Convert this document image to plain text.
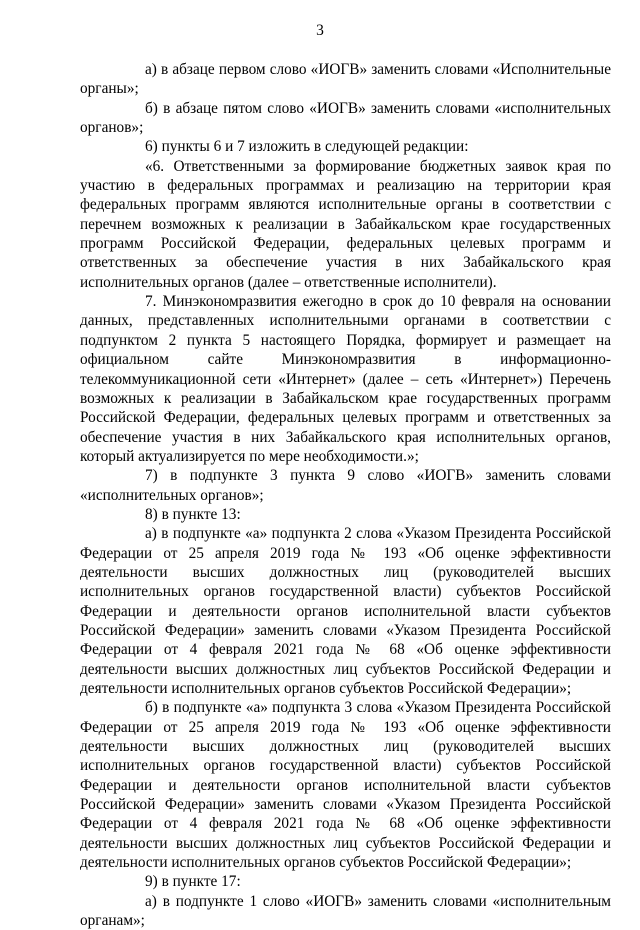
3

а) в абзаце первом слово «ИОГВ» заменить словами «Исполнительные органы»;

б) в абзаце пятом слово «ИОГВ» заменить словами «исполнительных органов»;

6) пункты 6 и 7 изложить в следующей редакции:

«6. Ответственными за формирование бюджетных заявок края по участию в федеральных программах и реализацию на территории края федеральных программ являются исполнительные органы в соответствии с перечнем возможных к реализации в Забайкальском крае государственных программ Российской Федерации, федеральных целевых программ и ответственных за обеспечение участия в них Забайкальского края исполнительных органов (далее – ответственные исполнители).

7. Минэкономразвития ежегодно в срок до 10 февраля на основании данных, представленных исполнительными органами в соответствии с подпунктом 2 пункта 5 настоящего Порядка, формирует и размещает на официальном сайте Минэкономразвития в информационно-телекоммуникационной сети «Интернет» (далее – сеть «Интернет») Перечень возможных к реализации в Забайкальском крае государственных программ Российской Федерации, федеральных целевых программ и ответственных за обеспечение участия в них Забайкальского края исполнительных органов, который актуализируется по мере необходимости.»;

7) в подпункте 3 пункта 9 слово «ИОГВ» заменить словами «исполнительных органов»;

8) в пункте 13:

а) в подпункте «а» подпункта 2 слова «Указом Президента Российской Федерации от 25 апреля 2019 года № 193 «Об оценке эффективности деятельности высших должностных лиц (руководителей высших исполнительных органов государственной власти) субъектов Российской Федерации и деятельности органов исполнительной власти субъектов Российской Федерации» заменить словами «Указом Президента Российской Федерации от 4 февраля 2021 года № 68 «Об оценке эффективности деятельности высших должностных лиц субъектов Российской Федерации и деятельности исполнительных органов субъектов Российской Федерации»;

б) в подпункте «а» подпункта 3 слова «Указом Президента Российской Федерации от 25 апреля 2019 года № 193 «Об оценке эффективности деятельности высших должностных лиц (руководителей высших исполнительных органов государственной власти) субъектов Российской Федерации и деятельности органов исполнительной власти субъектов Российской Федерации» заменить словами «Указом Президента Российской Федерации от 4 февраля 2021 года № 68 «Об оценке эффективности деятельности высших должностных лиц субъектов Российской Федерации и деятельности исполнительных органов субъектов Российской Федерации»;

9) в пункте 17:

а) в подпункте 1 слово «ИОГВ» заменить словами «исполнительным органам»;
